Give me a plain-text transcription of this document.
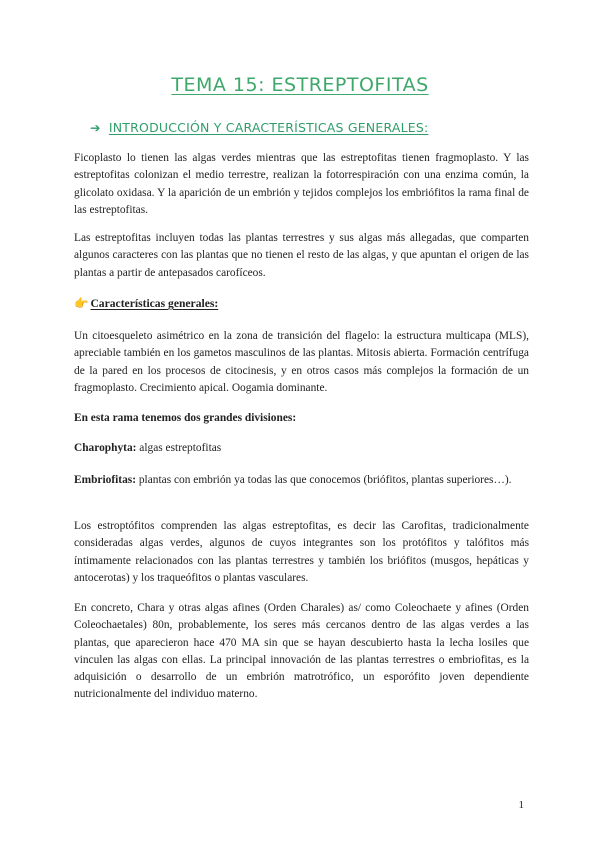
TEMA 15: ESTREPTOFITAS
➔ INTRODUCCIÓN Y CARACTERÍSTICAS GENERALES:

Ficoplasto lo tienen las algas verdes mientras que las estreptofitas tienen fragmoplasto. Y las estreptofitas colonizan el medio terrestre, realizan la fotorrespiración con una enzima común, la glicolato oxidasa. Y la aparición de un embrión y tejidos complejos los embriófitos la rama final de las estreptofitas.

Las estreptofitas incluyen todas las plantas terrestres y sus algas más allegadas, que comparten algunos caracteres con las plantas que no tienen el resto de las algas, y que apuntan el origen de las plantas a partir de antepasados carofíceos.

👉 Características generales:

Un citoesqueleto asimétrico en la zona de transición del flagelo: la estructura multicapa (MLS), apreciable también en los gametos masculinos de las plantas. Mitosis abierta. Formación centrífuga de la pared en los procesos de citocinesis, y en otros casos más complejos la formación de un fragmoplasto. Crecimiento apical. Oogamia dominante.

En esta rama tenemos dos grandes divisiones:

Charophyta: algas estreptofitas

Embriofitas: plantas con embrión ya todas las que conocemos (briófitos, plantas superiores…).

Los estroptófitos comprenden las algas estreptofitas, es decir las Carofitas, tradicionalmente consideradas algas verdes, algunos de cuyos integrantes son los protófitos y talófitos más íntimamente relacionados con las plantas terrestres y también los briófitos (musgos, hepáticas y antocerotas) y los traqueófitos o plantas vasculares.

En concreto, Chara y otras algas afines (Orden Charales) as/ como Coleochaete y afines (Orden Coleochaetales) 80n, probablemente, los seres más cercanos dentro de las algas verdes a las plantas, que aparecieron hace 470 MA sin que se hayan descubierto hasta la lecha losiles que vinculen las algas con ellas. La principal innovación de las plantas terrestres o embriofitas, es la adquisición o desarrollo de un embrión matrotrófico, un esporófito joven dependiente nutricionalmente del individuo materno.

1
